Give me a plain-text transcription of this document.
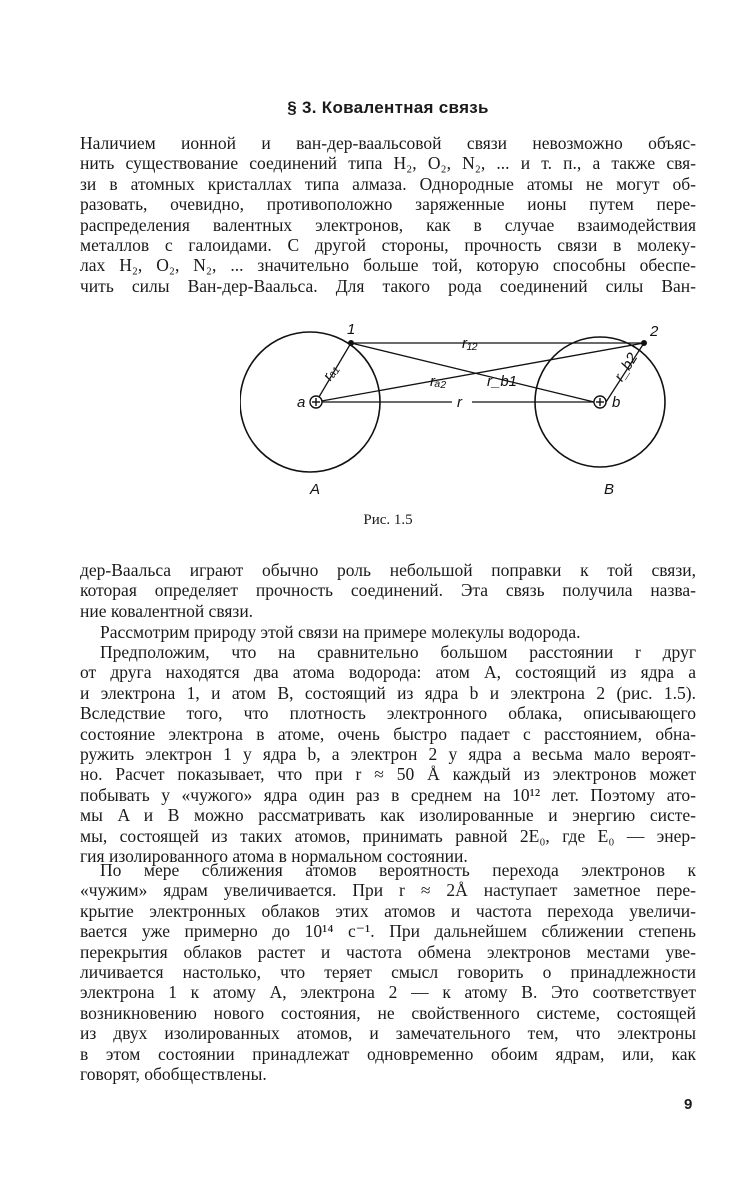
§ 3. Ковалентная связь
Наличием ионной и ван-дер-ваальсовой связи невозможно объяс-
нить существование соединений типа H₂, O₂, N₂, ... и т. п., а также свя-
зи в атомных кристаллах типа алмаза. Однородные атомы не могут об-
разовать, очевидно, противоположно заряженные ионы путем пере-
распределения валентных электронов, как в случае взаимодействия
металлов с галоидами. С другой стороны, прочность связи в молеку-
лах H₂, O₂, N₂, ... значительно больше той, которую способны обеспе-
чить силы Ван-дер-Ваальса. Для такого рода соединений силы Ван-
1	2
a	b
r₁₂
rₐ₁	rₐ₂	r_b1	r_b2
r
A	B
Рис. 1.5
дер-Ваальса играют обычно роль небольшой поправки к той связи,
которая определяет прочность соединений. Эта связь получила назва-
ние ковалентной связи.
Рассмотрим природу этой связи на примере молекулы водорода.
Предположим, что на сравнительно большом расстоянии r друг
от друга находятся два атома водорода: атом A, состоящий из ядра a
и электрона 1, и атом B, состоящий из ядра b и электрона 2 (рис. 1.5).
Вследствие того, что плотность электронного облака, описывающего
состояние электрона в атоме, очень быстро падает с расстоянием, обна-
ружить электрон 1 у ядра b, а электрон 2 у ядра a весьма мало вероят-
но. Расчет показывает, что при r ≈ 50 Å каждый из электронов может
побывать у «чужого» ядра один раз в среднем на 10¹² лет. Поэтому ато-
мы A и B можно рассматривать как изолированные и энергию систе-
мы, состоящей из таких атомов, принимать равной 2E₀, где E₀ — энер-
гия изолированного атома в нормальном состоянии.
По мере сближения атомов вероятность перехода электронов к
«чужим» ядрам увеличивается. При r ≈ 2Å наступает заметное пере-
крытие электронных облаков этих атомов и частота перехода увеличи-
вается уже примерно до 10¹⁴ с⁻¹. При дальнейшем сближении степень
перекрытия облаков растет и частота обмена электронов местами уве-
личивается настолько, что теряет смысл говорить о принадлежности
электрона 1 к атому A, электрона 2 — к атому B. Это соответствует
возникновению нового состояния, не свойственного системе, состоящей
из двух изолированных атомов, и замечательного тем, что электроны
в этом состоянии принадлежат одновременно обоим ядрам, или, как
говорят, обобществлены.
9
